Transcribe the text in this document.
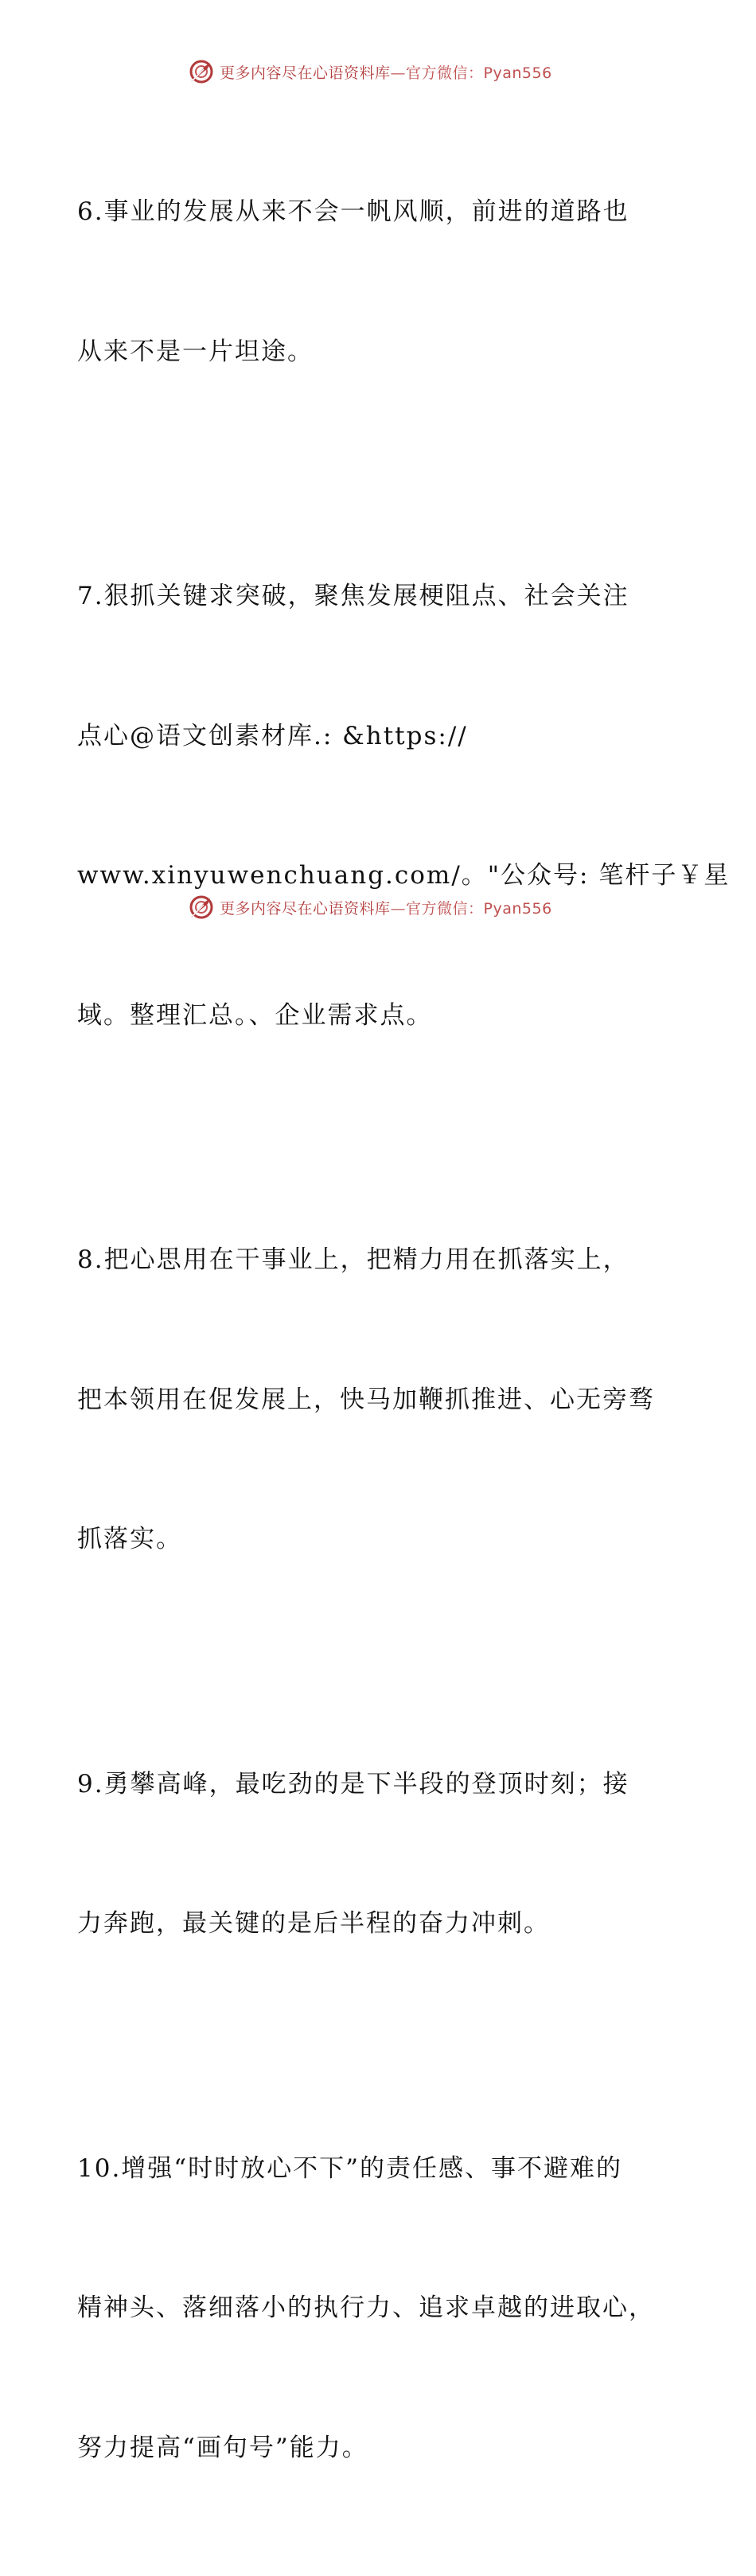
更多内容尽在心语资料库—官方微信：Pyan556

6.事业的发展从来不会一帆风顺，前进的道路也

从来不是一片坦途。

7.狠抓关键求突破，聚焦发展梗阻点、社会关注

点心@语文创素材库.: &https://

www.xinyuwenchuang.com/。"公众号: 笔杆子￥星

域。整理汇总。、企业需求点。

8.把心思用在干事业上，把精力用在抓落实上，

把本领用在促发展上，快马加鞭抓推进、心无旁骛

抓落实。

9.勇攀高峰，最吃劲的是下半段的登顶时刻；接

力奔跑，最关键的是后半程的奋力冲刺。

10.增强“时时放心不下”的责任感、事不避难的

精神头、落细落小的执行力、追求卓越的进取心，

努力提高“画句号”能力。

更多内容尽在心语资料库—官方微信：Pyan556
